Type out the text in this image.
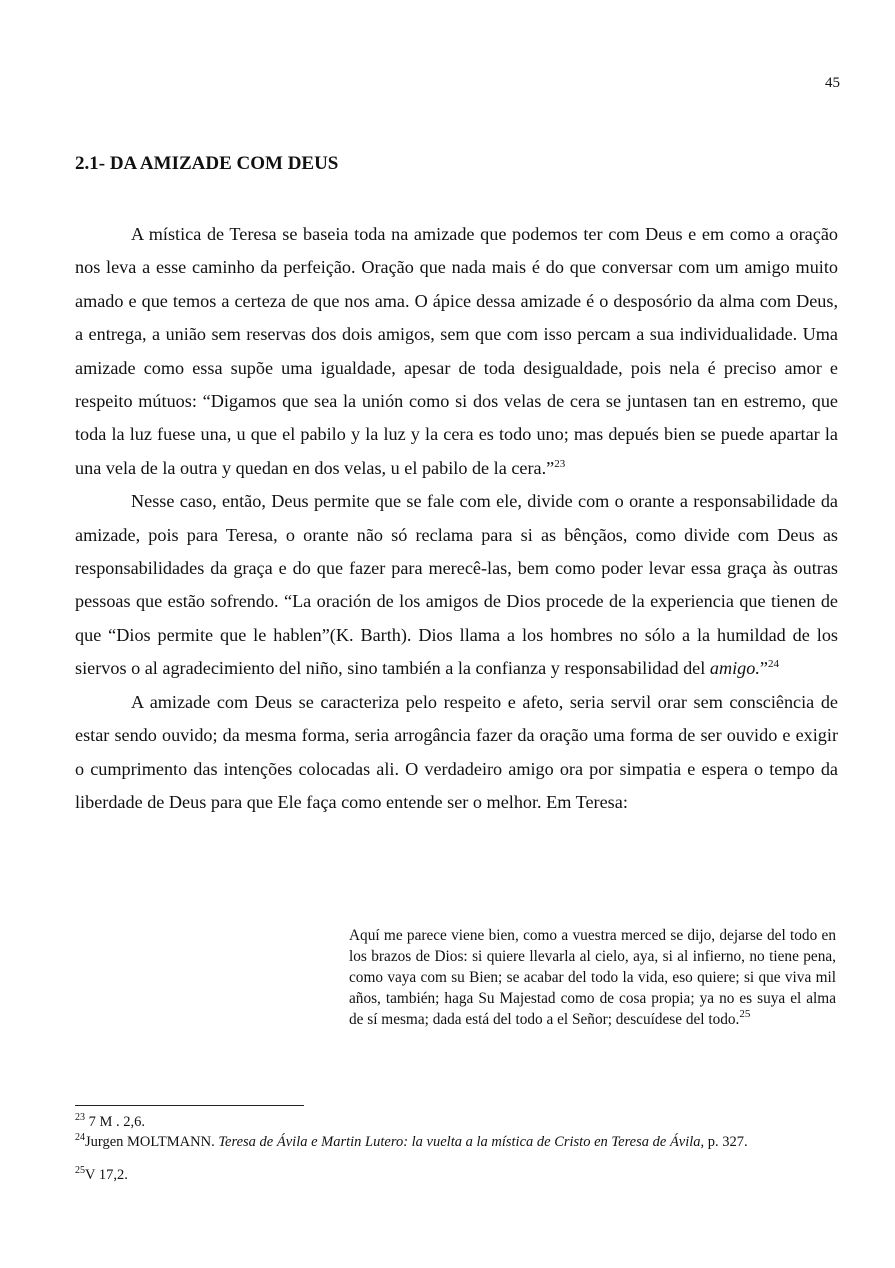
45
2.1- DA AMIZADE COM DEUS

A mística de Teresa se baseia toda na amizade que podemos ter com Deus e em como a oração nos leva a esse caminho da perfeição. Oração que nada mais é do que conversar com um amigo muito amado e que temos a certeza de que nos ama. O ápice dessa amizade é o desposório da alma com Deus, a entrega, a união sem reservas dos dois amigos, sem que com isso percam a sua individualidade. Uma amizade como essa supõe uma igualdade, apesar de toda desigualdade, pois nela é preciso amor e respeito mútuos: “Digamos que sea la unión como si dos velas de cera se juntasen tan en estremo, que toda la luz fuese una, u que el pabilo y la luz y la cera es todo uno; mas depués bien se puede apartar la una vela de la outra y quedan en dos velas, u el pabilo de la cera.”$^{23}$

Nesse caso, então, Deus permite que se fale com ele, divide com o orante a responsabilidade da amizade, pois para Teresa, o orante não só reclama para si as bênçãos, como divide com Deus as responsabilidades da graça e do que fazer para merecê-las, bem como poder levar essa graça às outras pessoas que estão sofrendo. “La oración de los amigos de Dios procede de la experiencia que tienen de que “Dios permite que le hablen”(K. Barth). Dios llama a los hombres no sólo a la humildad de los siervos o al agradecimiento del niño, sino también a la confianza y responsabilidad del amigo.”$^{24}$

A amizade com Deus se caracteriza pelo respeito e afeto, seria servil orar sem consciência de estar sendo ouvido; da mesma forma, seria arrogância fazer da oração uma forma de ser ouvido e exigir o cumprimento das intenções colocadas ali. O verdadeiro amigo ora por simpatia e espera o tempo da liberdade de Deus para que Ele faça como entende ser o melhor. Em Teresa:

Aquí me parece viene bien, como a vuestra merced se dijo, dejarse del todo en los brazos de Dios: si quiere llevarla al cielo, aya, si al infierno, no tiene pena, como vaya com su Bien; se acabar del todo la vida, eso quiere; si que viva mil años, también; haga Su Majestad como de cosa propia; ya no es suya el alma de sí mesma; dada está del todo a el Señor; descuídese del todo.$^{25}$

$^{23}$ 7 M . 2,6.

$^{24}$Jurgen MOLTMANN. Teresa de Ávila e Martin Lutero: la vuelta a la mística de Cristo en Teresa de Ávila, p. 327.

$^{25}$V 17,2.
